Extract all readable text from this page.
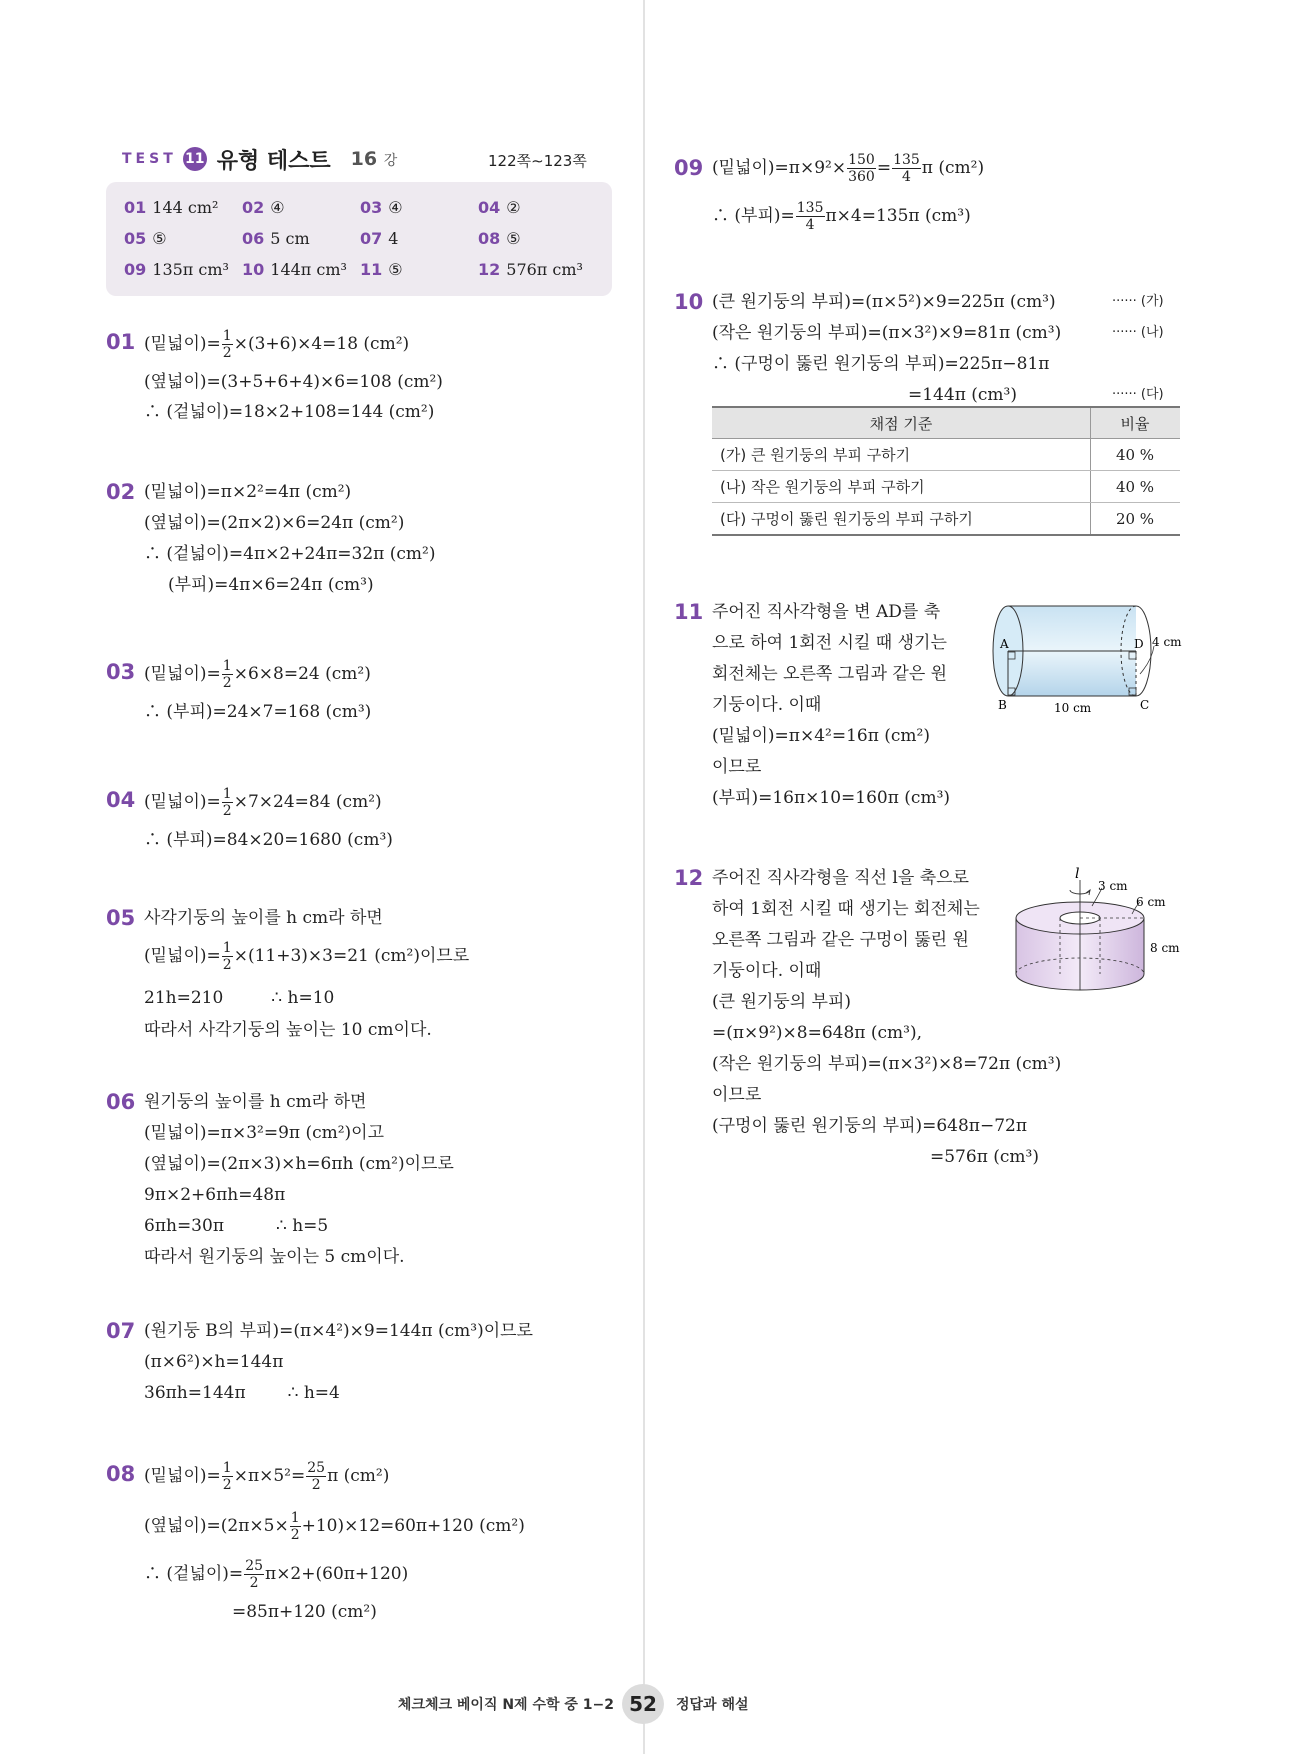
TEST 11 유형 테스트 16 강	122쪽∼123쪽
01 144 cm² 02 ④	03 ④	04 ②
05 ⑤	06 5 cm	07 4	08 ⑤
09 135π cm³ 10 144π cm³ 11 ⑤	12 576π cm³
01 (밑넓이)= $\frac{1}{2} \times(3+6)\times 4=18$ (cm²)
(옆넓이)=(3+5+6+4)×6=108 (cm²)
∴ (겉넓이)=18×2+108=144 (cm²)
02 (밑넓이)=π×2²=4π (cm²)
(옆넓이)=(2π×2)×6=24π (cm²)
∴ (겉넓이)=4π×2+24π=32π (cm²)
(부피)=4π×6=24π (cm³)
03 (밑넓이)= $\frac{1}{2} \times 6\times 8=24$ (cm²)
∴ (부피)=24×7=168 (cm³)
04 (밑넓이)= $\frac{1}{2} \times 7\times 24=84$ (cm²)
∴ (부피)=84×20=1680 (cm³)
05 사각기둥의 높이를 h cm라 하면
(밑넓이)= $\frac{1}{2} \times(11+3)\times 3=21$ (cm²)이므로
21h=210	∴ h=10
따라서 사각기둥의 높이는 10 cm이다.
06 원기둥의 높이를 h cm라 하면
(밑넓이)=π×3²=9π (cm²)이고
(옆넓이)=(2π×3)×h=6πh (cm²)이므로
9π×2+6πh=48π
6πh=30π	∴ h=5
따라서 원기둥의 높이는 5 cm이다.
07 (원기둥 B의 부피)=(π×4²)×9=144π (cm³)이므로
(π×6²)×h=144π
36πh=144π ∴ h=4
08 (밑넓이)= $\frac{1}{2} \times\pi\times 5^2= \frac{25}{2}$ π (cm²)
(옆넓이)$=(2\pi\times 5\times \frac{1}{2} +10)\times 12=60\pi+120$ (cm²)
∴ (겉넓이)= $\frac{25}{2} \pi\times 2+(60\pi+120)$
=85π+120 (cm²)
09 (밑넓이)$=\pi\times 9^2\times \frac{150}{360} = \frac{135}{4}$ π (cm²)
∴ (부피)= $\frac{135}{4} \pi\times 4=135\pi$ (cm³)
10 (큰 원기둥의 부피)=(π×5²)×9=225π (cm³)	······ (가)
(작은 원기둥의 부피)=(π×3²)×9=81π (cm³)	······ (나)
∴ (구멍이 뚫린 원기둥의 부피)=225π−81π
=144π (cm³)	······ (다)
채점 기준	비율
(가) 큰 원기둥의 부피 구하기	40 %
(나) 작은 원기둥의 부피 구하기	40 %
(다) 구멍이 뚫린 원기둥의 부피 구하기	20 %
11 주어진 직사각형을 변 AD를 축
으로 하여 1회전 시킬 때 생기는
회전체는 오른쪽 그림과 같은 원
기둥이다. 이때
(밑넓이)=π×4²=16π (cm²)
이므로
(부피)=16π×10=160π (cm³)
A	D
B	C
10 cm
4 cm
12 주어진 직사각형을 직선 l을 축으로
하여 1회전 시킬 때 생기는 회전체는
오른쪽 그림과 같은 구멍이 뚫린 원
기둥이다. 이때
(큰 원기둥의 부피)
=(π×9²)×8=648π (cm³),
(작은 원기둥의 부피)=(π×3²)×8=72π (cm³)
이므로
(구멍이 뚫린 원기둥의 부피)=648π−72π
=576π (cm³)
l
3 cm
6 cm
8 cm
체크체크 베이직 N제 수학 중 1−2 52	정답과 해설
